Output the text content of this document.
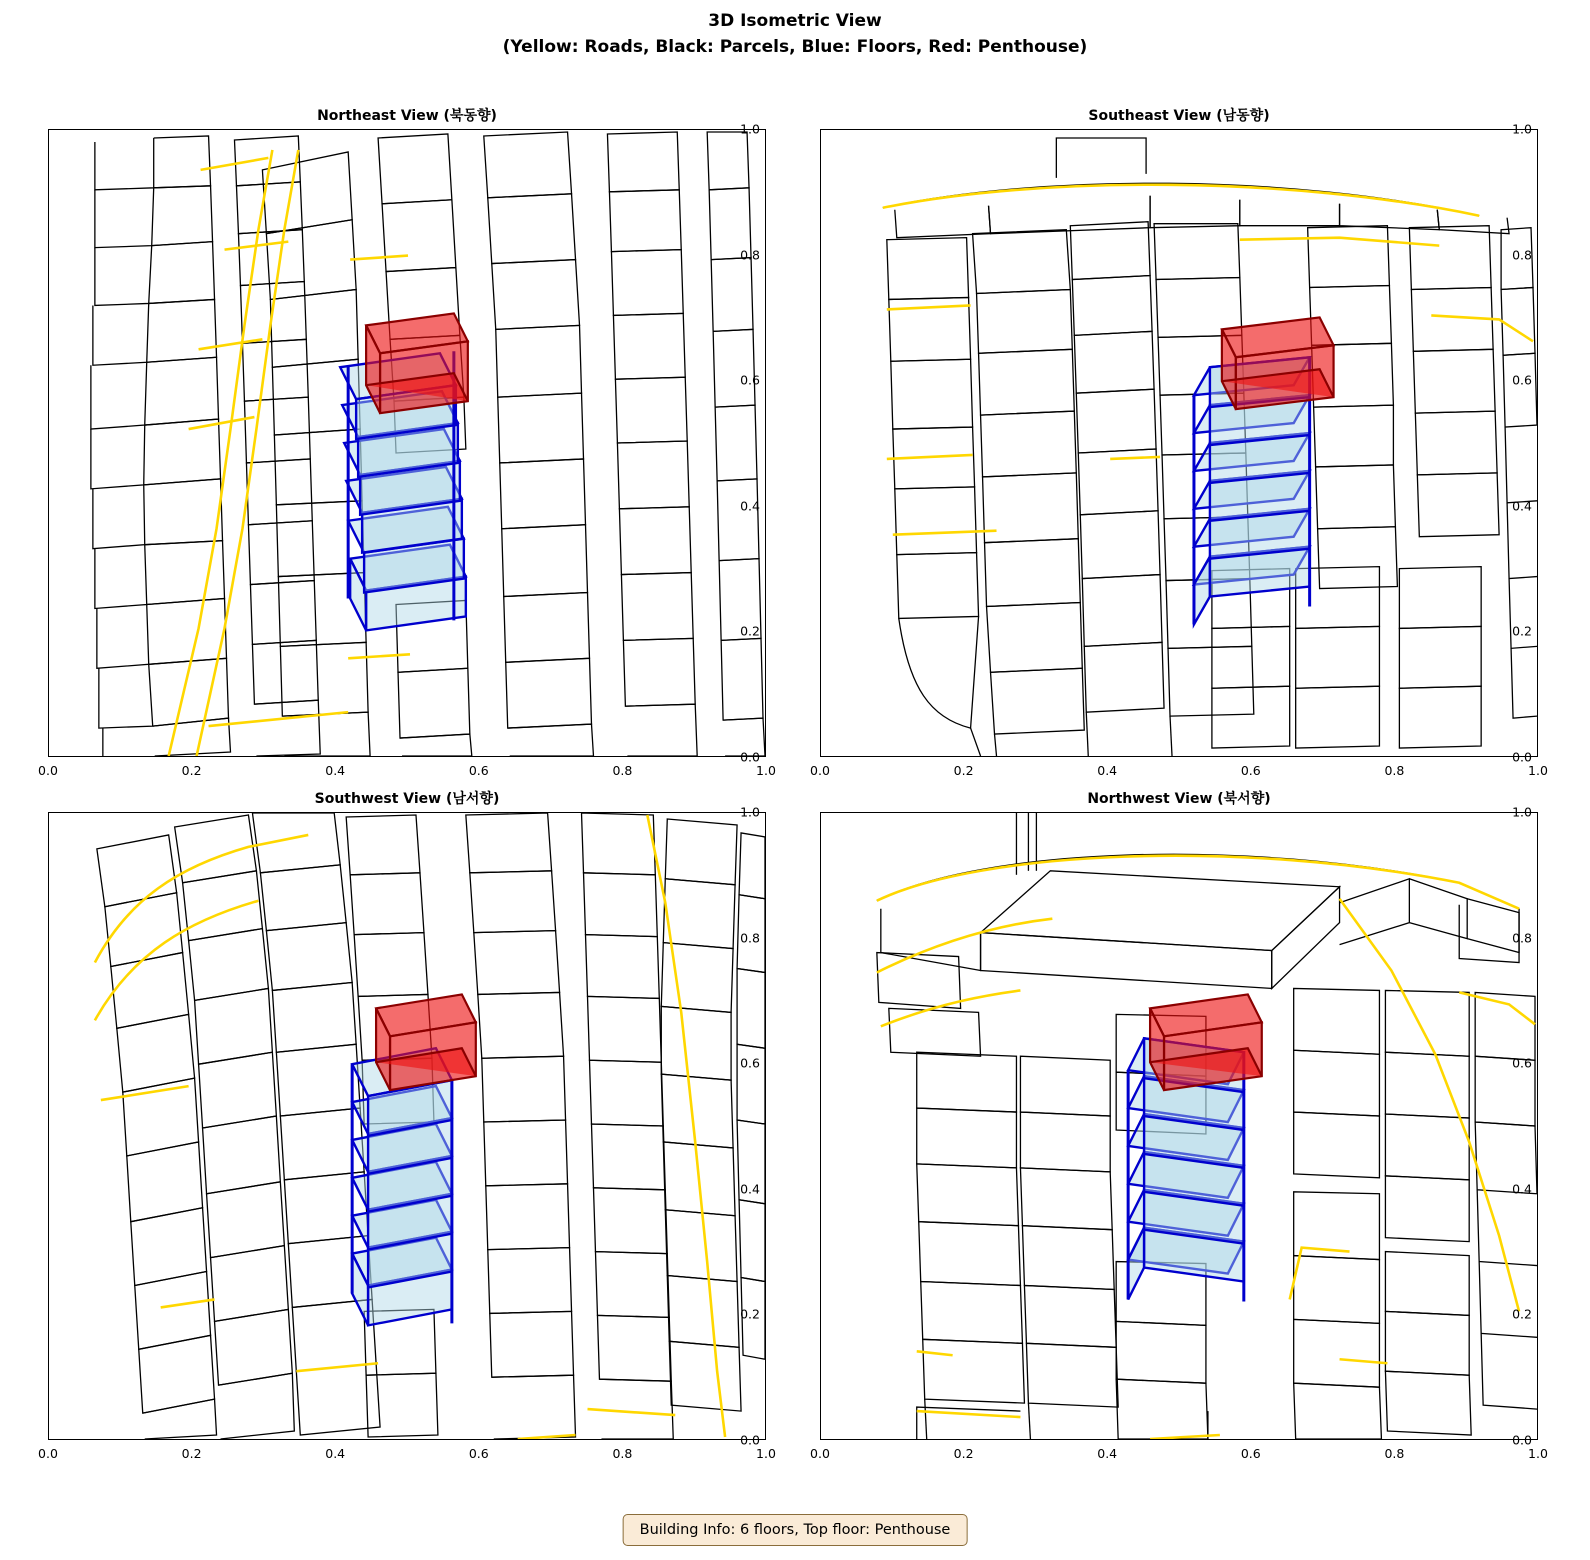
3D Isometric View
(Yellow: Roads, Black: Parcels, Blue: Floors, Red: Penthouse)
Northeast View (북동향)
0.0
0.2
0.4
0.6
0.8
1.0
0.0	0.2	0.4	0.6	0.8	1.0
Southeast View (남동향)
0.0
0.2
0.4
0.6
0.8
1.0
0.0	0.2	0.4	0.6	0.8	1.0
Southwest View (남서향)
0.0
0.2
0.4
0.6
0.8
1.0
0.0	0.2	0.4	0.6	0.8	1.0
Northwest View (북서향)
0.0
0.2
0.4
0.6
0.8
1.0
0.0	0.2	0.4	0.6	0.8	1.0
Building Info: 6 floors, Top floor: Penthouse
